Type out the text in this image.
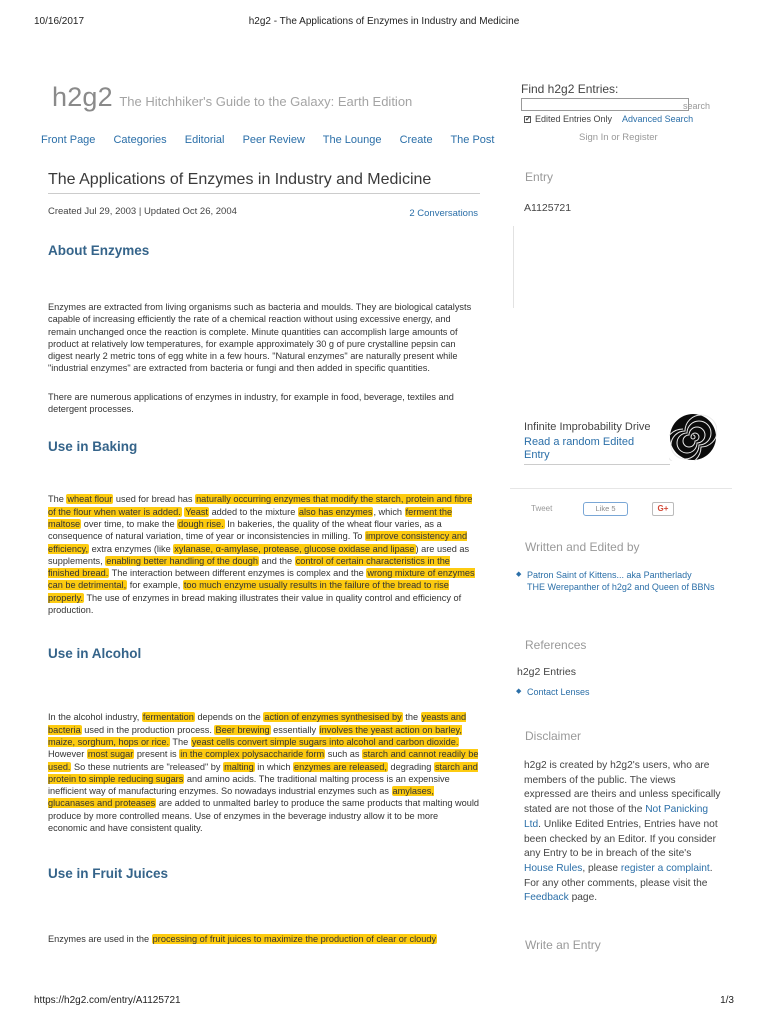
10/16/2017	h2g2 - The Applications of Enzymes in Industry and Medicine
h2g2 The Hitchhiker's Guide to the Galaxy: Earth Edition
Front Page Categories Editorial Peer Review The Lounge Create The Post
The Applications of Enzymes in Industry and Medicine
Created Jul 29, 2003 | Updated Oct 26, 2004	2 Conversations
About Enzymes

Enzymes are extracted from living organisms such as bacteria and moulds. They are biological catalysts capable of increasing efficiently the rate of a chemical reaction without using excessive energy, and remain unchanged once the reaction is complete. Minute quantities can accomplish large amounts of product at relatively low temperatures, for example approximately 30 g of pure crystalline pepsin can digest nearly 2 metric tons of egg white in a few hours. "Natural enzymes" are naturally present while "industrial enzymes" are extracted from bacteria or fungi and then added in specific quantities.

There are numerous applications of enzymes in industry, for example in food, beverage, textiles and detergent processes.

Use in Baking

The wheat flour used for bread has naturally occurring enzymes that modify the starch, protein and fibre of the flour when water is added. Yeast added to the mixture also has enzymes, which ferment the maltose over time, to make the dough rise. In bakeries, the quality of the wheat flour varies, as a consequence of natural variation, time of year or inconsistencies in milling. To improve consistency and efficiency, extra enzymes (like xylanase, α-amylase, protease, glucose oxidase and lipase) are used as supplements, enabling better handling of the dough and the control of certain characteristics in the finished bread. The interaction between different enzymes is complex and the wrong mixture of enzymes can be detrimental, for example, too much enzyme usually results in the failure of the bread to rise properly. The use of enzymes in bread making illustrates their value in quality control and efficiency of production.

Use in Alcohol

In the alcohol industry, fermentation depends on the action of enzymes synthesised by the yeasts and bacteria used in the production process. Beer brewing essentially involves the yeast action on barley, maize, sorghum, hops or rice. The yeast cells convert simple sugars into alcohol and carbon dioxide. However most sugar present is in the complex polysaccharide form such as starch and cannot readily be used. So these nutrients are "released" by malting in which enzymes are released, degrading starch and protein to simple reducing sugars and amino acids. The traditional malting process is an expensive inefficient way of manufacturing enzymes. So nowadays industrial enzymes such as amylases, glucanases and proteases are added to unmalted barley to produce the same products that malting would produce by more controlled means. Use of enzymes in the beverage industry allow it to be more economic and have consistent quality.

Use in Fruit Juices

Enzymes are used in the processing of fruit juices to maximize the production of clear or cloudy

Find h2g2 Entries:
search
✔ Edited Entries Only Advanced Search
Sign In or Register
Entry
A1125721
Infinite Improbability Drive
Read a random Edited Entry
Tweet	Like 5	G+
Written and Edited by
◆ Patron Saint of Kittens... aka Pantherlady
THE Werepanther of h2g2 and Queen of BBNs
References
h2g2 Entries
◆ Contact Lenses
Disclaimer
h2g2 is created by h2g2's users, who are members of the public. The views expressed are theirs and unless specifically stated are not those of the Not Panicking Ltd. Unlike Edited Entries, Entries have not been checked by an Editor. If you consider any Entry to be in breach of the site's House Rules, please register a complaint. For any other comments, please visit the Feedback page.
Write an Entry
https://h2g2.com/entry/A1125721	1/3
